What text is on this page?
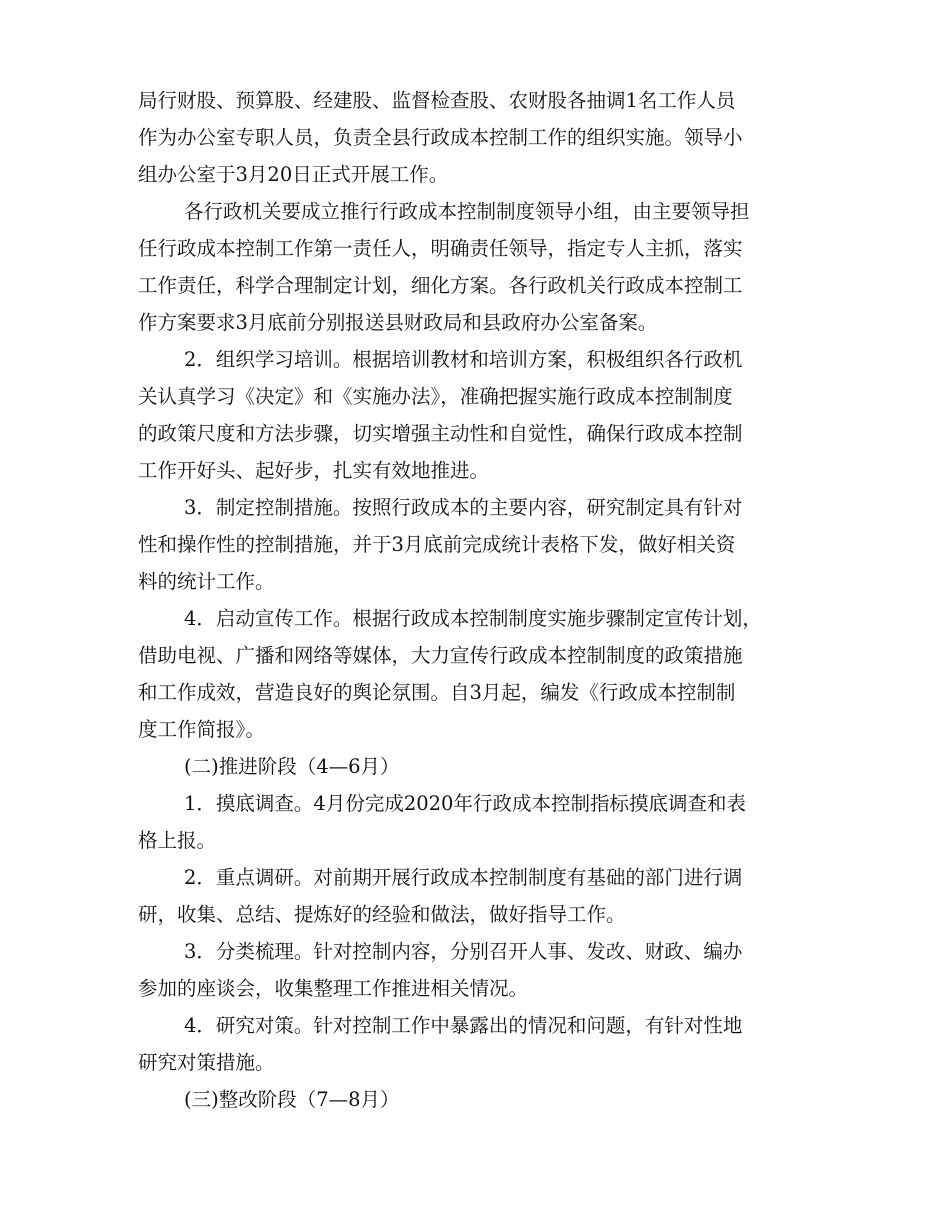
局行财股、预算股、经建股、监督检查股、农财股各抽调1名工作人员
作为办公室专职人员，负责全县行政成本控制工作的组织实施。领导小
组办公室于3月20日正式开展工作。
各行政机关要成立推行行政成本控制制度领导小组，由主要领导担
任行政成本控制工作第一责任人，明确责任领导，指定专人主抓，落实
工作责任，科学合理制定计划，细化方案。各行政机关行政成本控制工
作方案要求3月底前分别报送县财政局和县政府办公室备案。
2．组织学习培训。根据培训教材和培训方案，积极组织各行政机
关认真学习《决定》和《实施办法》，准确把握实施行政成本控制制度
的政策尺度和方法步骤，切实增强主动性和自觉性，确保行政成本控制
工作开好头、起好步，扎实有效地推进。
3．制定控制措施。按照行政成本的主要内容，研究制定具有针对
性和操作性的控制措施，并于3月底前完成统计表格下发，做好相关资
料的统计工作。
4．启动宣传工作。根据行政成本控制制度实施步骤制定宣传计划，
借助电视、广播和网络等媒体，大力宣传行政成本控制制度的政策措施
和工作成效，营造良好的舆论氛围。自3月起，编发《行政成本控制制
度工作简报》。
(二)推进阶段（4—6月）
1．摸底调查。4月份完成2020年行政成本控制指标摸底调查和表
格上报。
2．重点调研。对前期开展行政成本控制制度有基础的部门进行调
研，收集、总结、提炼好的经验和做法，做好指导工作。
3．分类梳理。针对控制内容，分别召开人事、发改、财政、编办
参加的座谈会，收集整理工作推进相关情况。
4．研究对策。针对控制工作中暴露出的情况和问题，有针对性地
研究对策措施。
(三)整改阶段（7—8月）
